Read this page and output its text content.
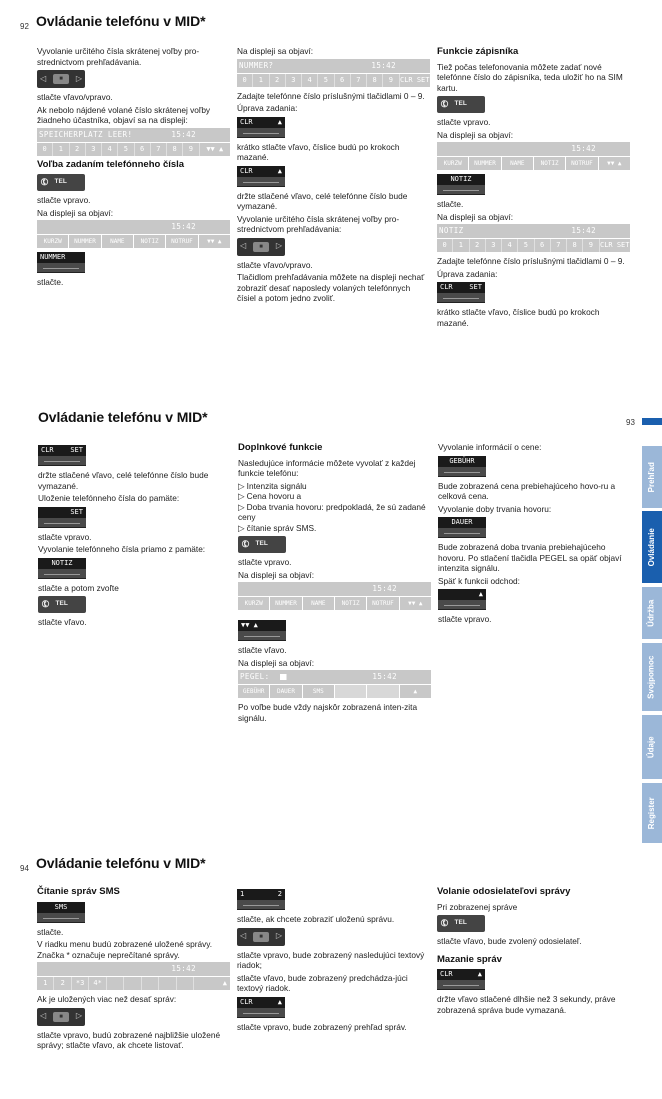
92 Ovládanie telefónu v MID*
Vyvolanie určitého čísla skrátenej voľby pro-strednictvom prehľadávania.
◁	■	▷
stlačte vľavo/vpravo.
Ak nebolo nájdené volané číslo skrátenej voľby žiadneho účastníka, objaví sa na displeji:
SPEICHERPLATZ LEER!	15:42
0	1	2	3	4	5	6	7	8	9	▼▼ ▲
Voľba zadaním telefónneho čísla
✆ TEL
stlačte vpravo.
Na displeji sa objaví:
15:42

KURZW	NUMMER	NAME	NOTIZ	NOTRUF	▼▼ ▲
NUMMER
stlačte.
Na displeji sa objaví:
NUMMER?	15:42
0	1	2	3	4	5	6	7	8	9	CLR SET
Zadajte telefónne číslo príslušnými tlačidlami 0 – 9.
Úprava zadania:
CLR	▲
krátko stlačte vľavo, číslice budú po krokoch mazané.
CLR	▲
držte stlačené vľavo, celé telefónne číslo bude vymazané.
Vyvolanie určitého čísla skrátenej voľby pro-strednictvom prehľadávania:
◁	■	▷
stlačte vľavo/vpravo.
Tlačidlom prehľadávania môžete na displeji nechať zobraziť desať naposledy volaných telefónnych čísiel a potom jedno zvoliť.
Funkcie zápisníka
Tiež počas telefonovania môžete zadať nové telefónne číslo do zápisníka, teda uložiť ho na SIM kartu.
✆ TEL
stlačte vpravo.
Na displeji sa objaví:
15:42

KURZW	NUMMER	NAME	NOTIZ	NOTRUF	▼▼ ▲
NOTIZ
stlačte.
Na displeji sa objaví:
NOTIZ	15:42
0	1	2	3	4	5	6	7	8	9	CLR SET
Zadajte telefónne číslo príslušnými tlačidlami 0 – 9.
Úprava zadania:
CLR SET
krátko stlačte vľavo, číslice budú po krokoch mazané.
Ovládanie telefónu v MID*	93
CLR SET
držte stlačené vľavo, celé telefónne číslo bude vymazané.
Uloženie telefónneho čísla do pamäte:
SET
stlačte vpravo.
Vyvolanie telefónneho čísla priamo z pamäte:
NOTIZ
stlačte a potom zvoľte
✆ TEL
stlačte vľavo.
Doplnkové funkcie
Nasledujúce informácie môžete vyvolať z každej funkcie telefónu:
▷ Intenzita signálu
▷ Cena hovoru a
▷ Doba trvania hovoru: predpokladá, že sú zadané ceny
▷ čítanie správ SMS.
✆ TEL
stlačte vpravo.
Na displeji sa objaví:
15:42

KURZW	NUMMER	NAME	NOTIZ	NOTRUF	▼▼ ▲
▼▼ ▲
stlačte vľavo.
Na displeji sa objaví:
PEGEL:	15:42
GEBÜHR	DAUER	SMS	▲
Po voľbe bude vždy najskôr zobrazená inten-zita signálu.
Vyvolanie informácií o cene:
GEBÜHR
Bude zobrazená cena prebiehajúceho hovo-ru a celková cena.
Vyvolanie doby trvania hovoru:
DAUER
Bude zobrazená doba trvania prebiehajúceho hovoru. Po stlačení tlačidla PEGEL sa opäť objaví intenzita signálu.
Späť k funkcii odchod:
▲
stlačte vpravo.
Prehľad
Ovládanie
Údržba
Svojpomoc
Údaje
Register
94 Ovládanie telefónu v MID*
Čítanie správ SMS
SMS
stlačte.
V riadku menu budú zobrazené uložené správy. Značka * označuje neprečítané správy.
15:42

1	2	*3	4*	▲
Ak je uložených viac než desať správ:
◁	■	▷
stlačte vpravo, budú zobrazené najbližšie uložené správy; stlačte vľavo, ak chcete listovať.
1	2
stlačte, ak chcete zobraziť uloženú správu.
◁	■	▷
stlačte vpravo, bude zobrazený nasledujúci textový riadok;
stlačte vľavo, bude zobrazený predchádza-júci textový riadok.
CLR	▲
stlačte vpravo, bude zobrazený prehľad správ.
Volanie odosielateľovi správy
Pri zobrazenej správe
✆ TEL
stlačte vľavo, bude zvolený odosielateľ.
Mazanie správ
CLR	▲
držte vľavo stlačené dlhšie než 3 sekundy, práve zobrazená správa bude vymazaná.
